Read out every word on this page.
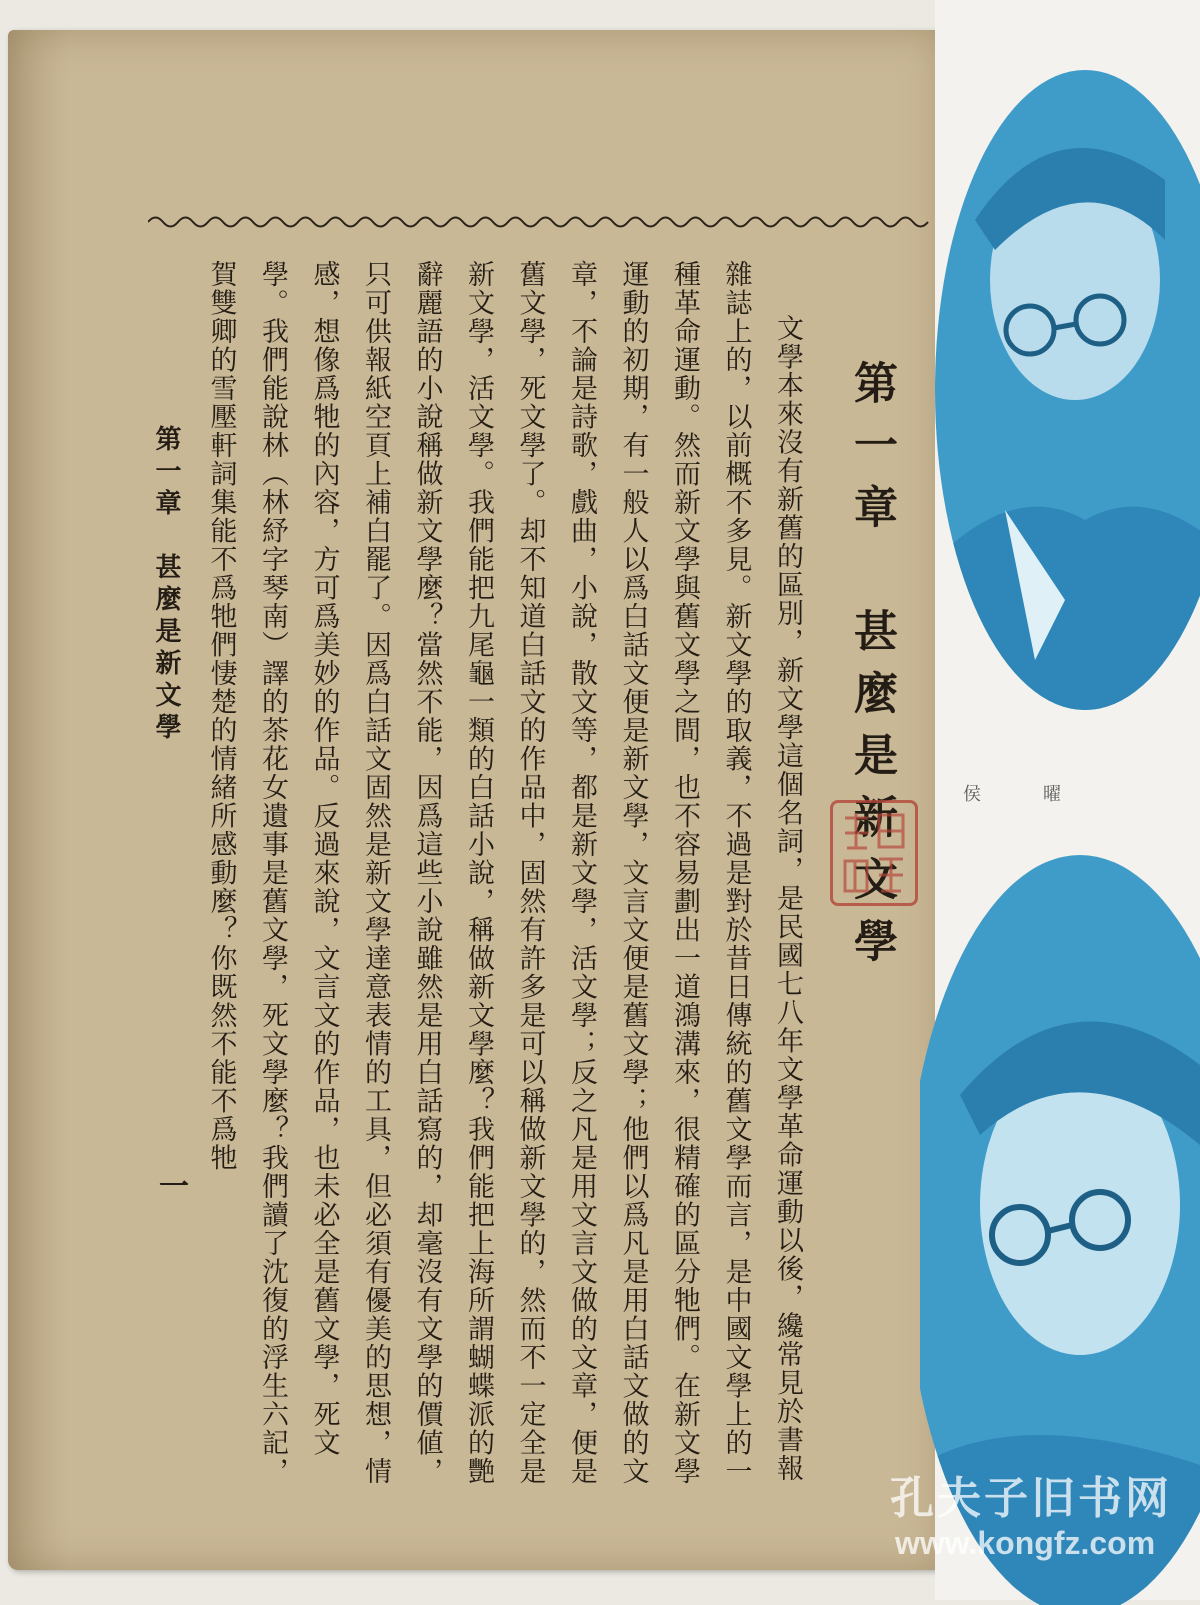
第一章　甚麼是新文學

文學本來沒有新舊的區別，新文學這個名詞，是民國七八年文學革命運動以後，纔常見於書報雜誌上的，以前概不多見。新文學的取義，不過是對於昔日傳統的舊文學而言，是中國文學上的一種革命運動。然而新文學與舊文學之間，也不容易劃出一道鴻溝來，很精確的區分牠們。在新文學運動的初期，有一般人以爲白話文便是新文學，文言文便是舊文學；他們以爲凡是用白話文做的文章，不論是詩歌，戲曲，小說，散文等，都是新文學，活文學；反之凡是用文言文做的文章，便是舊文學，死文學了。却不知道白話文的作品中，固然有許多是可以稱做新文學的，然而不一定全是新文學，活文學。我們能把九尾龜一類的白話小說，稱做新文學麼？我們能把上海所謂蝴蝶派的艷辭麗語的小說稱做新文學麼？當然不能，因爲這些小說雖然是用白話寫的，却毫沒有文學的價値，只可供報紙空頁上補白罷了。因爲白話文固然是新文學達意表情的工具，但必須有優美的思想，情感，想像爲牠的內容，方可爲美妙的作品。反過來說，文言文的作品，也未必全是舊文學，死文學。我們能說林（林紓字琴南）譯的茶花女遺事是舊文學，死文學麼？我們讀了沈復的浮生六記，賀雙卿的雪壓軒詞集能不爲牠們悽楚的情緒所感動麼？你既然不能不爲牠

第一章　甚麼是新文學
一
侯　曜
孔夫子旧书网
www.kongfz.com
